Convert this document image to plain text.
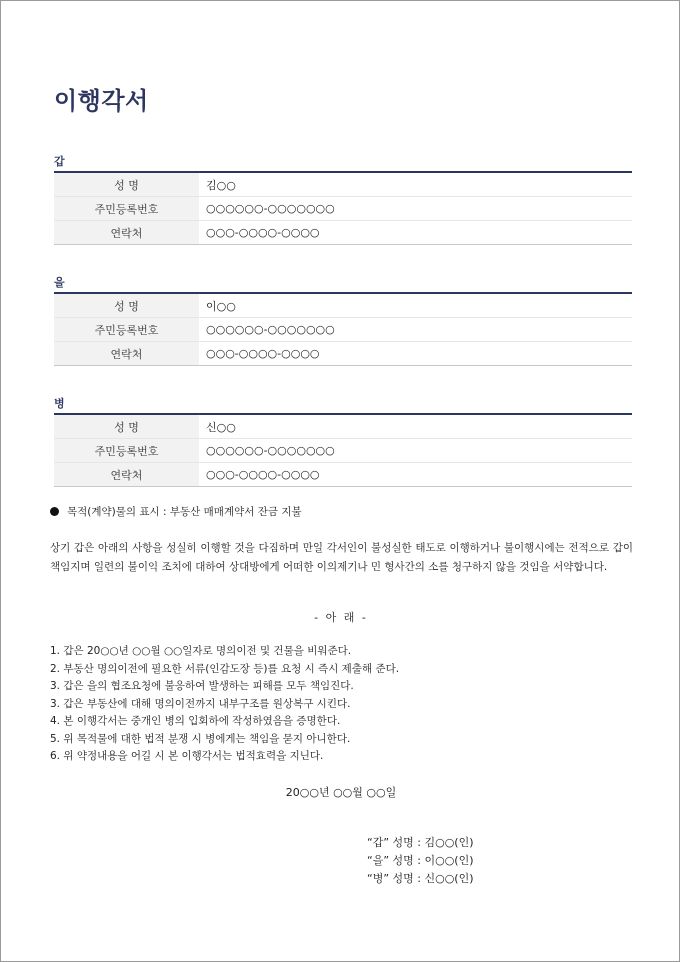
이행각서
갑
성 명	김○○
주민등록번호	○○○○○○-○○○○○○○
연락처	○○○-○○○○-○○○○
을
성 명	이○○
주민등록번호	○○○○○○-○○○○○○○
연락처	○○○-○○○○-○○○○
병
성 명	신○○
주민등록번호	○○○○○○-○○○○○○○
연락처	○○○-○○○○-○○○○
목적(계약)물의 표시 : 부동산 매매계약서 잔금 지불

상기 갑은 아래의 사항을 성실히 이행할 것을 다짐하며 만일 각서인이 불성실한 태도로 이행하거나 불이행시에는 전적으로 갑이 책임지며 일련의 불이익 조치에 대하여 상대방에게 어떠한 이의제기나 민 형사간의 소를 청구하지 않을 것임을 서약합니다.

- 아 래 -
1. 갑은 20○○년 ○○월 ○○일자로 명의이전 및 건물을 비워준다.
2. 부동산 명의이전에 필요한 서류(인감도장 등)를 요청 시 즉시 제출해 준다.
3. 갑은 을의 협조요청에 불응하여 발생하는 피해를 모두 책임진다.
3. 갑은 부동산에 대해 명의이전까지 내부구조를 원상복구 시킨다.
4. 본 이행각서는 중개인 병의 입회하에 작성하였음을 증명한다.
5. 위 목적물에 대한 법적 분쟁 시 병에게는 책임을 묻지 아니한다.
6. 위 약정내용을 어길 시 본 이행각서는 법적효력을 지닌다.
20○○년 ○○월 ○○일
“갑” 성명 : 김○○(인)
“을” 성명 : 이○○(인)
“병” 성명 : 신○○(인)
